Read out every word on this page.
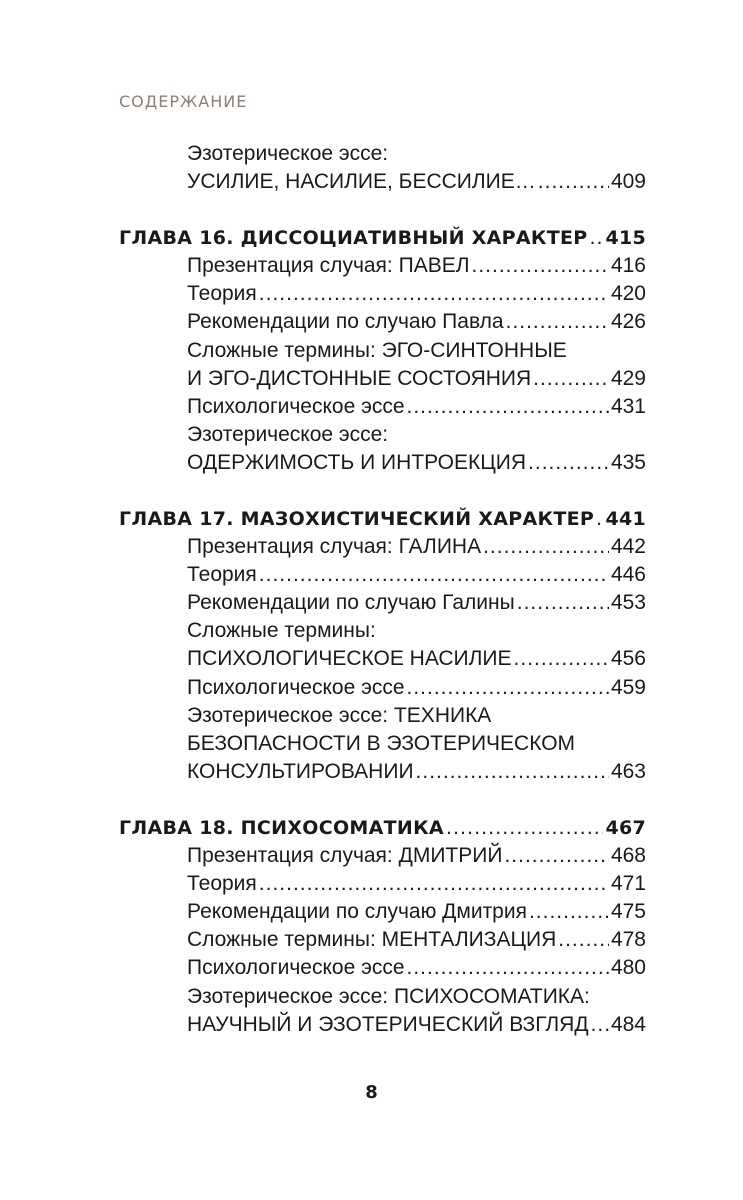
СОДЕРЖАНИЕ
Эзотерическое эссе:
УСИЛИЕ, НАСИЛИЕ, БЕССИЛИЕ… .....	409
ГЛАВА 16. ДИССОЦИАТИВНЫЙ ХАРАКТЕР ..... 415
Презентация случая: ПАВЕЛ .....	416
Теория .....	420
Рекомендации по случаю Павла .....	426
Сложные термины: ЭГО-СИНТОННЫЕ
И ЭГО-ДИСТОННЫЕ СОСТОЯНИЯ .....	429
Психологическое эссе .....	431
Эзотерическое эссе:
ОДЕРЖИМОСТЬ И ИНТРОЕКЦИЯ .....	435
ГЛАВА 17. МАЗОХИСТИЧЕСКИЙ ХАРАКТЕР ..... 441
Презентация случая: ГАЛИНА .....	442
Теория .....	446
Рекомендации по случаю Галины .....	453
Сложные термины:
ПСИХОЛОГИЧЕСКОЕ НАСИЛИЕ .....	456
Психологическое эссе .....	459
Эзотерическое эссе: ТЕХНИКА
БЕЗОПАСНОСТИ В ЭЗОТЕРИЧЕСКОМ
КОНСУЛЬТИРОВАНИИ .....	463
ГЛАВА 18. ПСИХОСОМАТИКА .....	467
Презентация случая: ДМИТРИЙ .....	468
Теория .....	471
Рекомендации по случаю Дмитрия .....	475
Сложные термины: МЕНТАЛИЗАЦИЯ .....	478
Психологическое эссе .....	480
Эзотерическое эссе: ПСИХОСОМАТИКА:
НАУЧНЫЙ И ЭЗОТЕРИЧЕСКИЙ ВЗГЛЯД ..... 484
8
